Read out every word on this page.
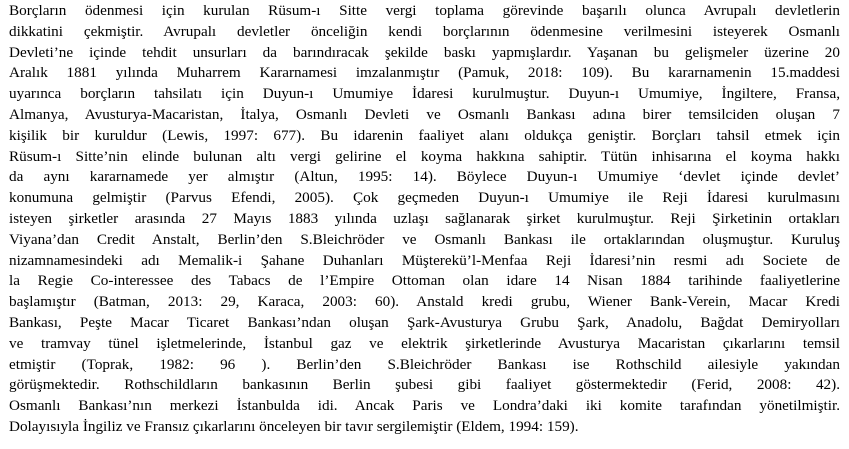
Borçların ödenmesi için kurulan Rüsum-ı Sitte vergi toplama görevinde başarılı olunca Avrupalı devletlerin
dikkatini çekmiştir. Avrupalı devletler önceliğin kendi borçlarının ödenmesine verilmesini isteyerek Osmanlı
Devleti’ne içinde tehdit unsurları da barındıracak şekilde baskı yapmışlardır. Yaşanan bu gelişmeler üzerine 20
Aralık 1881 yılında Muharrem Kararnamesi imzalanmıştır (Pamuk, 2018: 109). Bu kararnamenin 15.maddesi
uyarınca borçların tahsilatı için Duyun-ı Umumiye İdaresi kurulmuştur. Duyun-ı Umumiye, İngiltere, Fransa,
Almanya, Avusturya-Macaristan, İtalya, Osmanlı Devleti ve Osmanlı Bankası adına birer temsilciden oluşan 7
kişilik bir kuruldur (Lewis, 1997: 677). Bu idarenin faaliyet alanı oldukça geniştir. Borçları tahsil etmek için
Rüsum-ı Sitte’nin elinde bulunan altı vergi gelirine el koyma hakkına sahiptir. Tütün inhisarına el koyma hakkı
da aynı kararnamede yer almıştır (Altun, 1995: 14). Böylece Duyun-ı Umumiye ‘devlet içinde devlet’
konumuna gelmiştir (Parvus Efendi, 2005). Çok geçmeden Duyun-ı Umumiye ile Reji İdaresi kurulmasını
isteyen şirketler arasında 27 Mayıs 1883 yılında uzlaşı sağlanarak şirket kurulmuştur. Reji Şirketinin ortakları
Viyana’dan Credit Anstalt, Berlin’den S.Bleichröder ve Osmanlı Bankası ile ortaklarından oluşmuştur. Kuruluş
nizamnamesindeki adı Memalik-i Şahane Duhanları Müşterekü’l-Menfaa Reji İdaresi’nin resmi adı Societe de
la Regie Co-interessee des Tabacs de l’Empire Ottoman olan idare 14 Nisan 1884 tarihinde faaliyetlerine
başlamıştır (Batman, 2013: 29, Karaca, 2003: 60). Anstald kredi grubu, Wiener Bank-Verein, Macar Kredi
Bankası, Peşte Macar Ticaret Bankası’ndan oluşan Şark-Avusturya Grubu Şark, Anadolu, Bağdat Demiryolları
ve tramvay tünel işletmelerinde, İstanbul gaz ve elektrik şirketlerinde Avusturya Macaristan çıkarlarını temsil
etmiştir (Toprak, 1982: 96 ). Berlin’den S.Bleichröder Bankası ise Rothschild ailesiyle yakından
görüşmektedir. Rothschildların bankasının Berlin şubesi gibi faaliyet göstermektedir (Ferid, 2008: 42).
Osmanlı Bankası’nın merkezi İstanbulda idi. Ancak Paris ve Londra’daki iki komite tarafından yönetilmiştir.
Dolayısıyla İngiliz ve Fransız çıkarlarını önceleyen bir tavır sergilemiştir (Eldem, 1994: 159).
